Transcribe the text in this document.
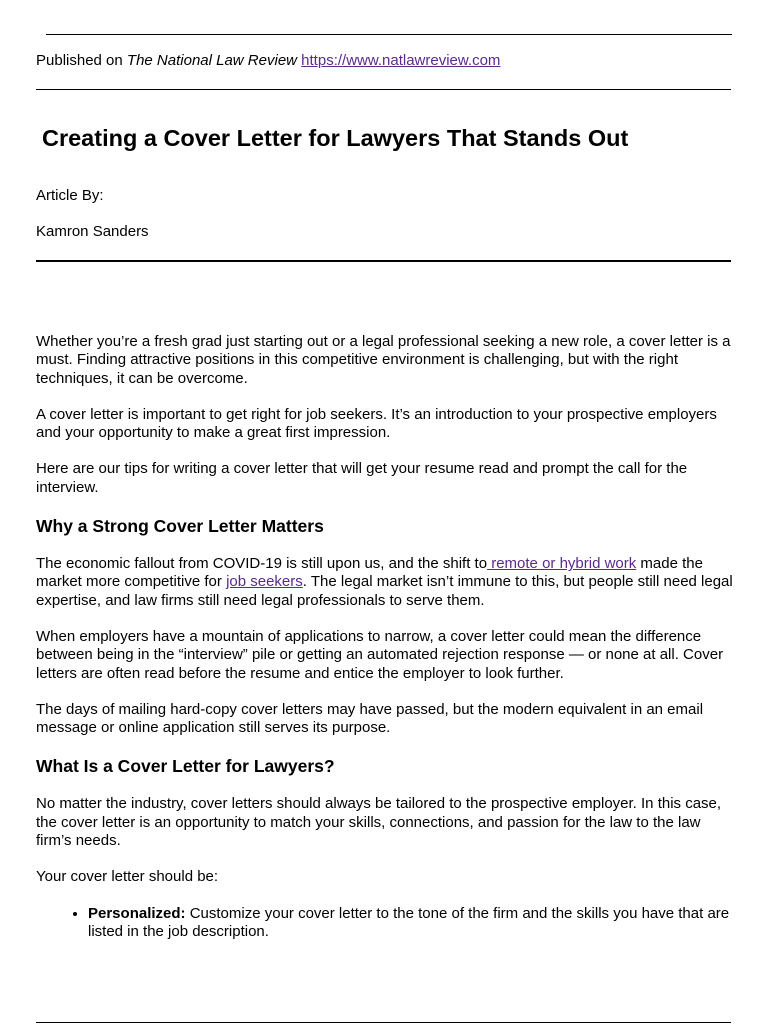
Published on The National Law Review https://www.natlawreview.com
Creating a Cover Letter for Lawyers That Stands Out
Article By:
Kamron Sanders

Whether you’re a fresh grad just starting out or a legal professional seeking a new role, a cover letter is a must. Finding attractive positions in this competitive environment is challenging, but with the right techniques, it can be overcome.

A cover letter is important to get right for job seekers. It’s an introduction to your prospective employers and your opportunity to make a great first impression.

Here are our tips for writing a cover letter that will get your resume read and prompt the call for the interview.

Why a Strong Cover Letter Matters

The economic fallout from COVID-19 is still upon us, and the shift to remote or hybrid work made the market more competitive for job seekers. The legal market isn’t immune to this, but people still need legal expertise, and law firms still need legal professionals to serve them.

When employers have a mountain of applications to narrow, a cover letter could mean the difference between being in the “interview” pile or getting an automated rejection response — or none at all. Cover letters are often read before the resume and entice the employer to look further.

The days of mailing hard-copy cover letters may have passed, but the modern equivalent in an email message or online application still serves its purpose.

What Is a Cover Letter for Lawyers?

No matter the industry, cover letters should always be tailored to the prospective employer. In this case, the cover letter is an opportunity to match your skills, connections, and passion for the law to the law firm’s needs.

Your cover letter should be:

• Personalized: Customize your cover letter to the tone of the firm and the skills you have that are listed in the job description.
